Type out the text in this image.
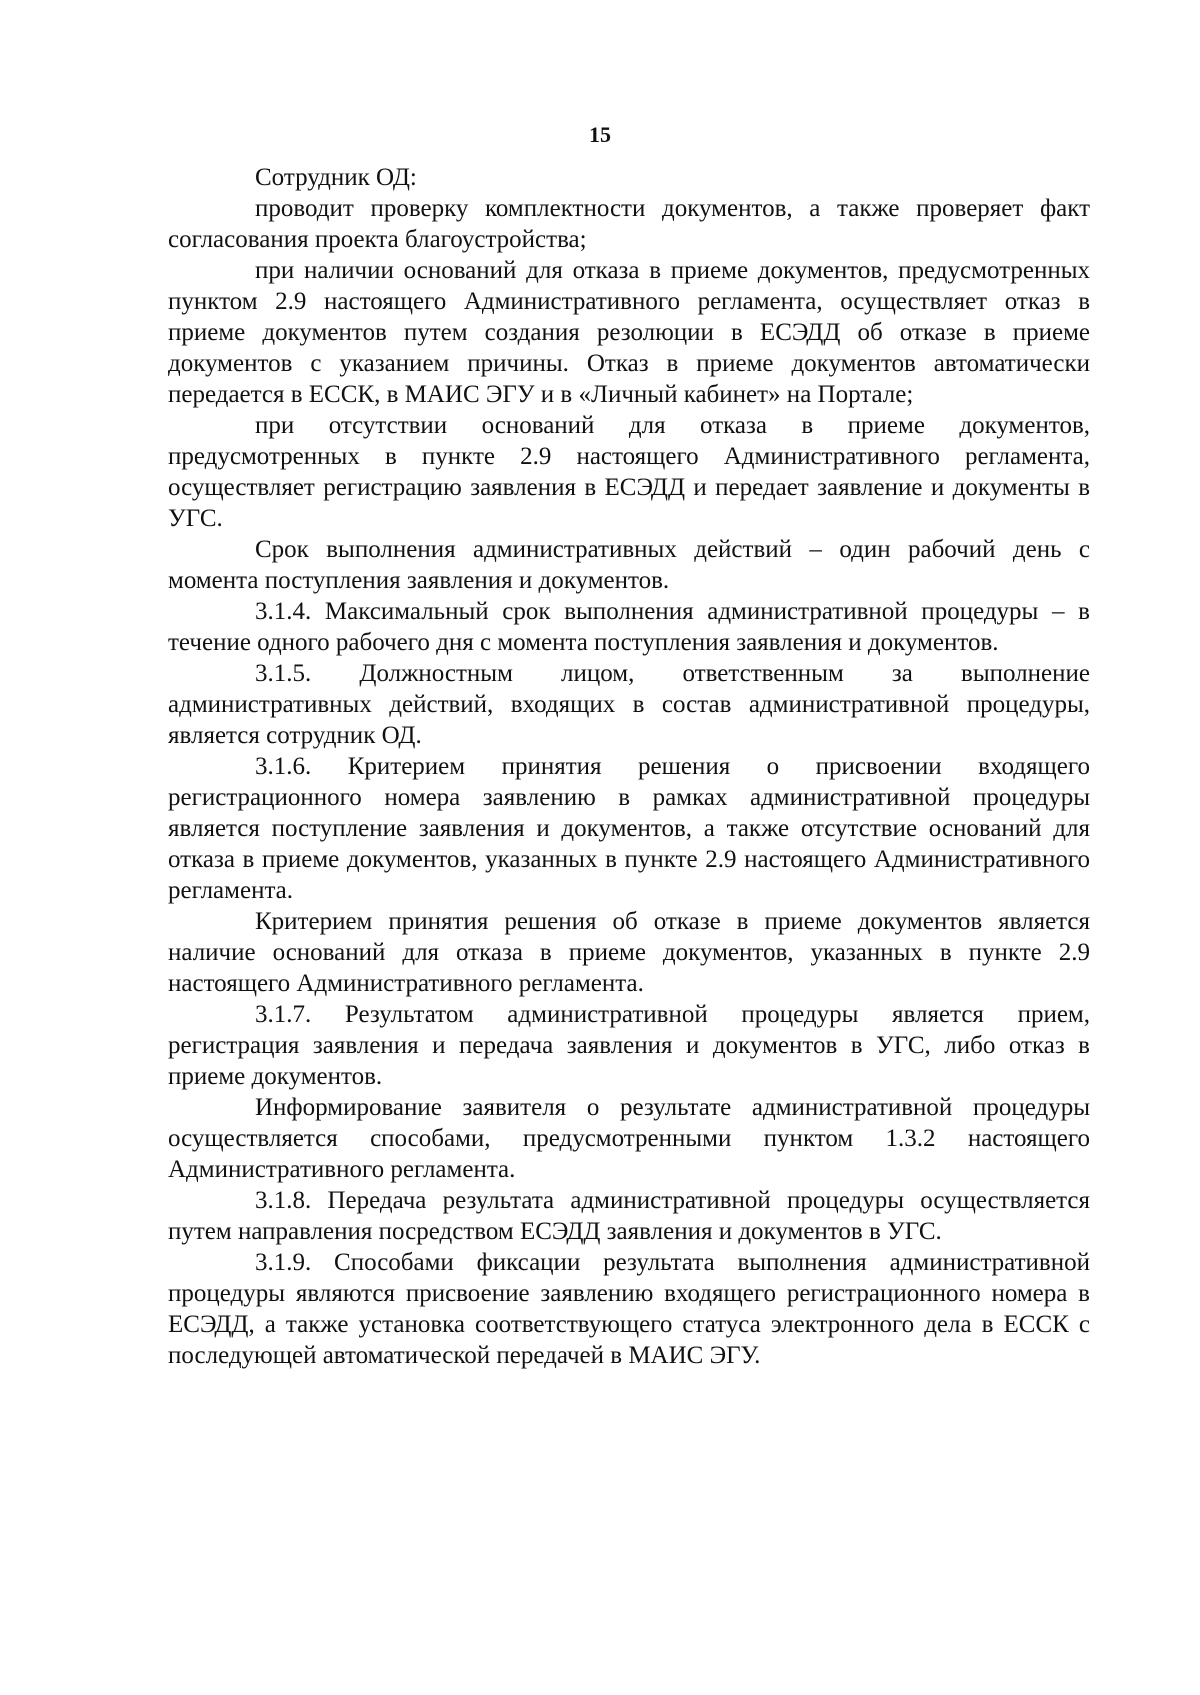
15

Сотрудник ОД:

проводит проверку комплектности документов, а также проверяет факт согласования проекта благоустройства;

при наличии оснований для отказа в приеме документов, предусмотренных пунктом 2.9 настоящего Административного регламента, осуществляет отказ в приеме документов путем создания резолюции в ЕСЭДД об отказе в приеме документов с указанием причины. Отказ в приеме документов автоматически передается в ЕССК, в МАИС ЭГУ и в «Личный кабинет» на Портале;

при отсутствии оснований для отказа в приеме документов, предусмотренных в пункте 2.9 настоящего Административного регламента, осуществляет регистрацию заявления в ЕСЭДД и передает заявление и документы в УГС.

Срок выполнения административных действий – один рабочий день с момента поступления заявления и документов.

3.1.4. Максимальный срок выполнения административной процедуры – в течение одного рабочего дня с момента поступления заявления и документов.

3.1.5. Должностным лицом, ответственным за выполнение административных действий, входящих в состав административной процедуры, является сотрудник ОД.

3.1.6. Критерием принятия решения о присвоении входящего регистрационного номера заявлению в рамках административной процедуры является поступление заявления и документов, а также отсутствие оснований для отказа в приеме документов, указанных в пункте 2.9 настоящего Административного регламента.

Критерием принятия решения об отказе в приеме документов является наличие оснований для отказа в приеме документов, указанных в пункте 2.9 настоящего Административного регламента.

3.1.7. Результатом административной процедуры является прием, регистрация заявления и передача заявления и документов в УГС, либо отказ в приеме документов.

Информирование заявителя о результате административной процедуры осуществляется способами, предусмотренными пунктом 1.3.2 настоящего Административного регламента.

3.1.8. Передача результата административной процедуры осуществляется путем направления посредством ЕСЭДД заявления и документов в УГС.

3.1.9. Способами фиксации результата выполнения административной процедуры являются присвоение заявлению входящего регистрационного номера в ЕСЭДД, а также установка соответствующего статуса электронного дела в ЕССК с последующей автоматической передачей в МАИС ЭГУ.
